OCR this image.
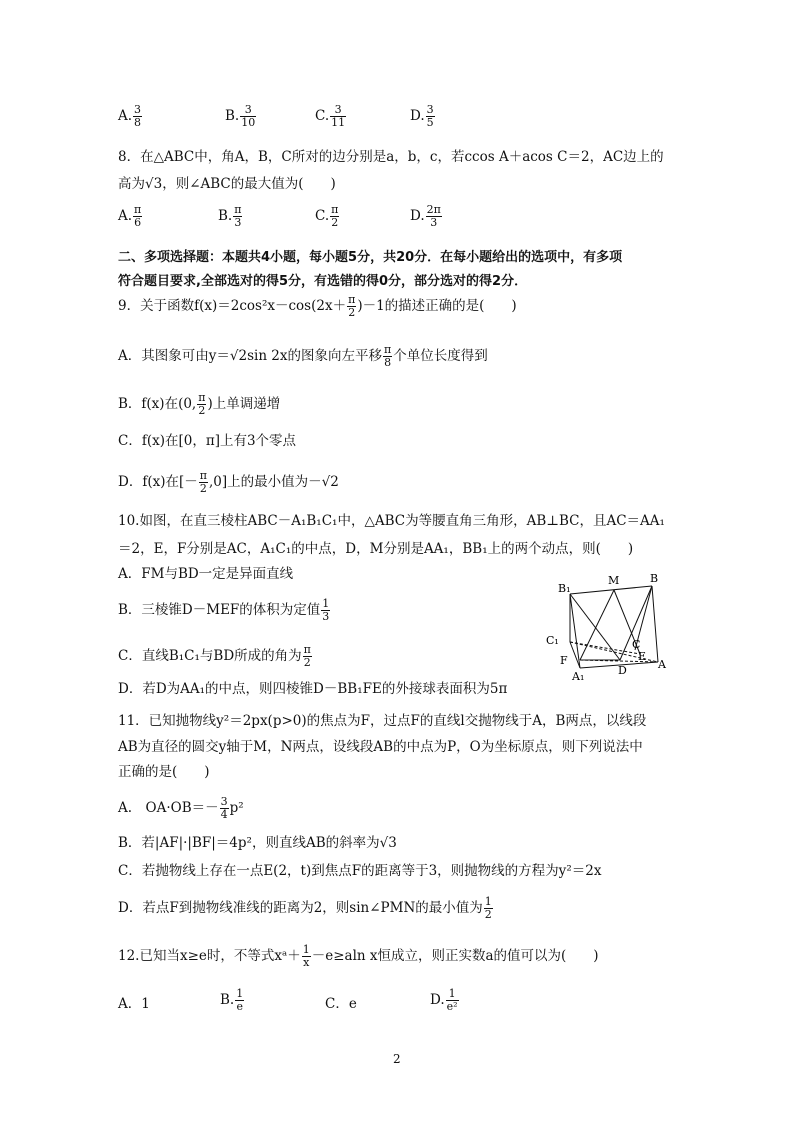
A. $\frac{3}{8}$	B. $\frac{3}{10}$	C. $\frac{3}{11}$	D. $\frac{3}{5}$
8．在△ABC中，角A，B，C所对的边分别是a，b，c，若ccos A＋acos C＝2，AC边上的
高为√3，则∠ABC的最大值为(　　)
A. $\frac{\pi}{6}$	B. $\frac{\pi}{3}$	C. $\frac{\pi}{2}$	D. $\frac{2\pi}{3}$
二、多项选择题：本题共4小题，每小题5分，共20分．在每小题给出的选项中，有多项
符合题目要求,全部选对的得5分，有选错的得0分，部分选对的得2分．
9．关于函数$f(x)=2\cos^2x-\cos(2x+ \frac{\pi}{2} )-1$的描述正确的是(　　)
A．其图象可由y＝√2sin 2x的图象向左平移 $\frac{\pi}{8}$ 个单位长度得到
B．f(x)在(0, $\frac{\pi}{2}$ )上单调递增
C．f(x)在[0，π]上有3个零点
D．f(x)在[－ $\frac{\pi}{2} ,0$]上的最小值为－√2
10.如图，在直三棱柱ABC－A₁B₁C₁中，△ABC为等腰直角三角形，AB⊥BC，且AC＝AA₁
＝2，E，F分别是AC，A₁C₁的中点，D，M分别是AA₁，BB₁上的两个动点，则(　　)
A．FM与BD一定是异面直线
B．三棱锥D－MEF的体积为定值 $\frac{1}{3}$
C．直线B₁C₁与BD所成的角为 $\frac{\pi}{2}$
D．若D为AA₁的中点，则四棱锥D－BB₁FE的外接球表面积为5π
B₁
M	B
C₁	C
E
F
D	A
A₁
11．已知抛物线y²＝2px(p>0)的焦点为F，过点F的直线l交抛物线于A，B两点，以线段
AB为直径的圆交y轴于M，N两点，设线段AB的中点为P，O为坐标原点，则下列说法中
正确的是(　　)
A.　$OA\cdot OB=- \frac{3}{4} p^2$
B．若|AF|·|BF|＝4p²，则直线AB的斜率为√3
C．若抛物线上存在一点E(2，t)到焦点F的距离等于3，则抛物线的方程为y²＝2x
D．若点F到抛物线准线的距离为2，则sin∠PMN的最小值为 $\frac{1}{2}$
12.已知当x≥e时，不等式xᵃ＋ $\frac{1}{x} -e\ge aln$ x恒成立，则正实数a的值可以为(　　)
A．1	B. $\frac{1}{e}$	C．e	D. $\frac{1}{\text{e²}}$
2
